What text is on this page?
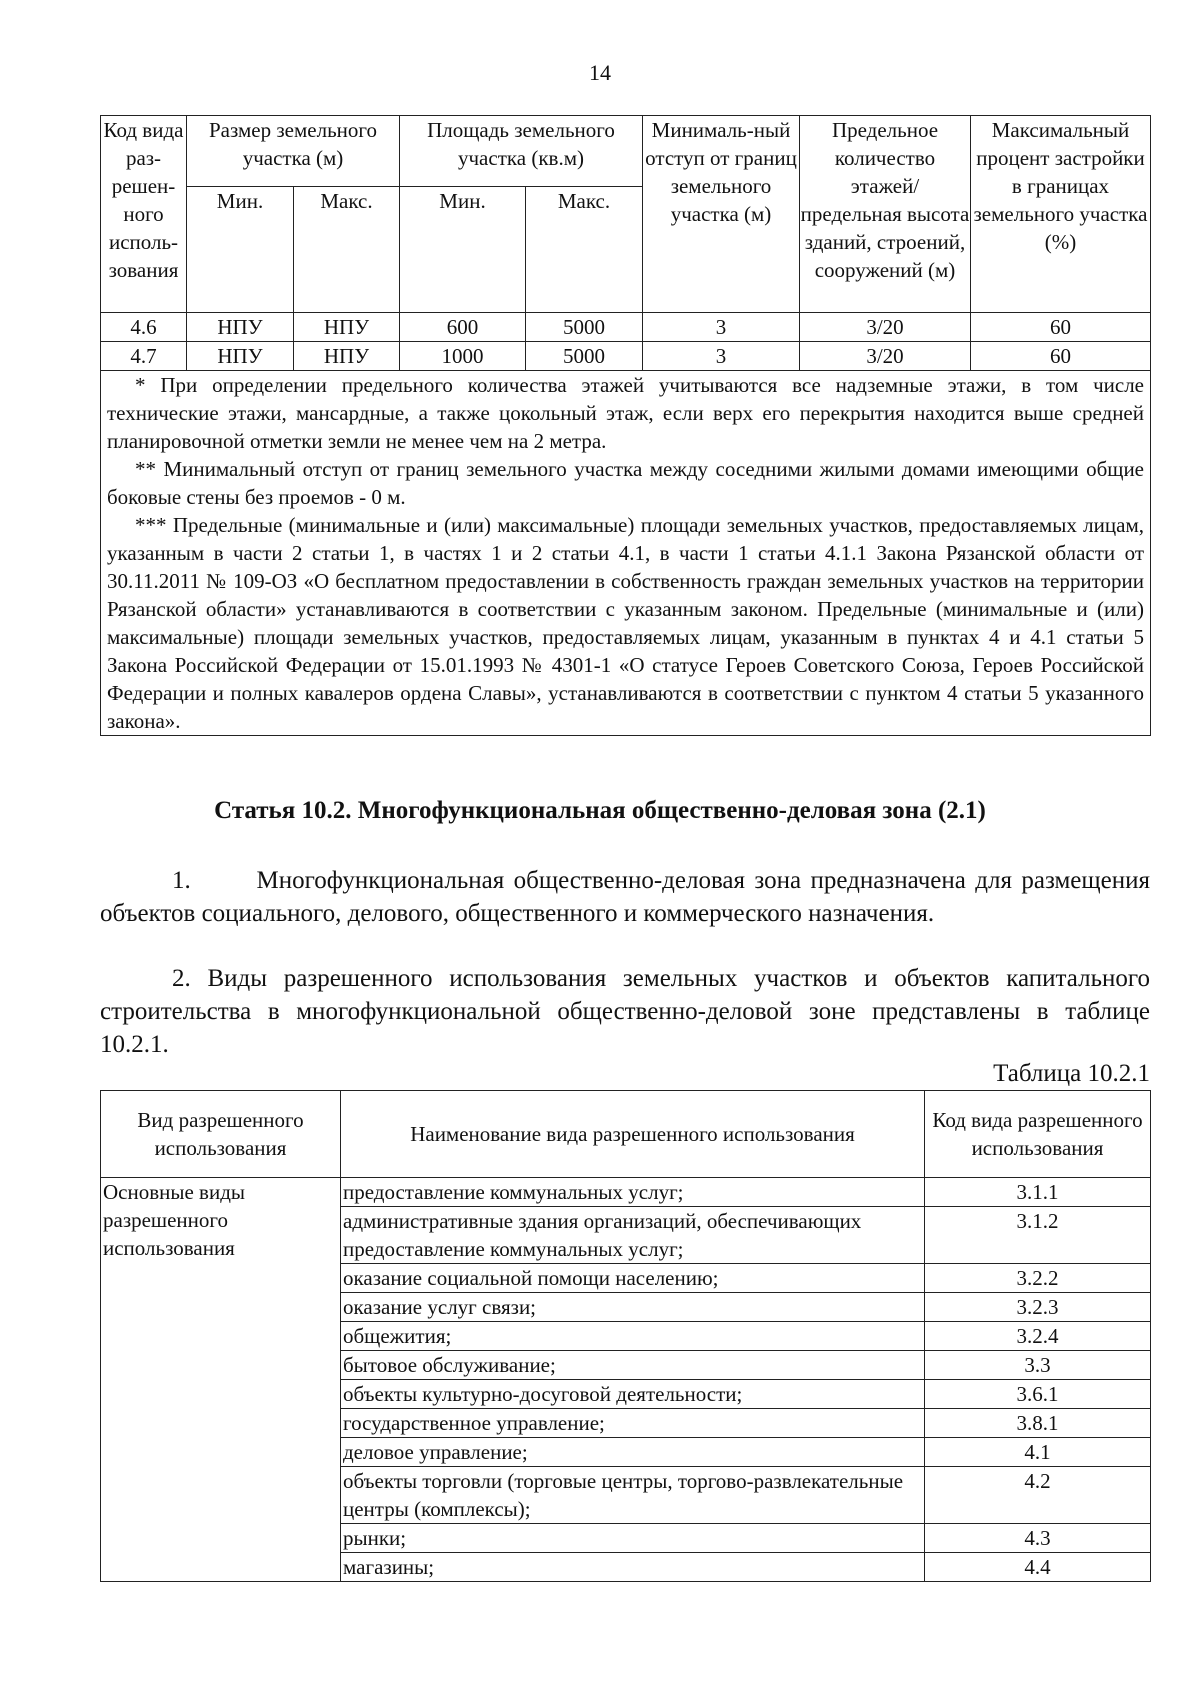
14
Код вида раз-решен-ного исполь-зования	Размер земельного участка (м)		Площадь земельного участка (кв.м)		Минималь-ный отступ от границ земельного участка (м)	Предельное количество этажей/ предельная высота зданий, строений, сооружений (м)	Максимальный процент застройки в границах земельного участка (%)
	Мин.	Макс.	Мин.	Макс.			
4.6	НПУ	НПУ	600	5000	3	3/20	60
4.7	НПУ	НПУ	1000	5000	3	3/20	60

* При определении предельного количества этажей учитываются все надземные этажи, в том числе технические этажи, мансардные, а также цокольный этаж, если верх его перекрытия находится выше средней планировочной отметки земли не менее чем на 2 метра.

** Минимальный отступ от границ земельного участка между соседними жилыми домами имеющими общие боковые стены без проемов - 0 м.

*** Предельные (минимальные и (или) максимальные) площади земельных участков, предоставляемых лицам, указанным в части 2 статьи 1, в частях 1 и 2 статьи 4.1, в части 1 статьи 4.1.1 Закона Рязанской области от 30.11.2011 № 109-ОЗ «О бесплатном предоставлении в собственность граждан земельных участков на территории Рязанской области» устанавливаются в соответствии с указанным законом. Предельные (минимальные и (или) максимальные) площади земельных участков, предоставляемых лицам, указанным в пунктах 4 и 4.1 статьи 5 Закона Российской Федерации от 15.01.1993 № 4301-1 «О статусе Героев Советского Союза, Героев Российской Федерации и полных кавалеров ордена Славы», устанавливаются в соответствии с пунктом 4 статьи 5 указанного закона».							

Статья 10.2. Многофункциональная общественно-деловая зона (2.1)

1.       Многофункциональная общественно-деловая зона предназначена для размещения объектов социального, делового, общественного и коммерческого назначения.

2. Виды разрешенного использования земельных участков и объектов капитального строительства в многофункциональной общественно-деловой зоне представлены в таблице 10.2.1.

Таблица 10.2.1
Вид разрешенного использования	Наименование вида разрешенного использования	Код вида разрешенного использования
Основные виды разрешенного использования	предоставление коммунальных услуг;	3.1.1
	административные здания организаций, обеспечивающих предоставление коммунальных услуг;	3.1.2
	оказание социальной помощи населению;	3.2.2
	оказание услуг связи;	3.2.3
	общежития;	3.2.4
	бытовое обслуживание;	3.3
	объекты культурно-досуговой деятельности;	3.6.1
	государственное управление;	3.8.1
	деловое управление;	4.1
	объекты торговли (торговые центры, торгово-развлекательные центры (комплексы);	4.2
	рынки;	4.3
	магазины;	4.4
